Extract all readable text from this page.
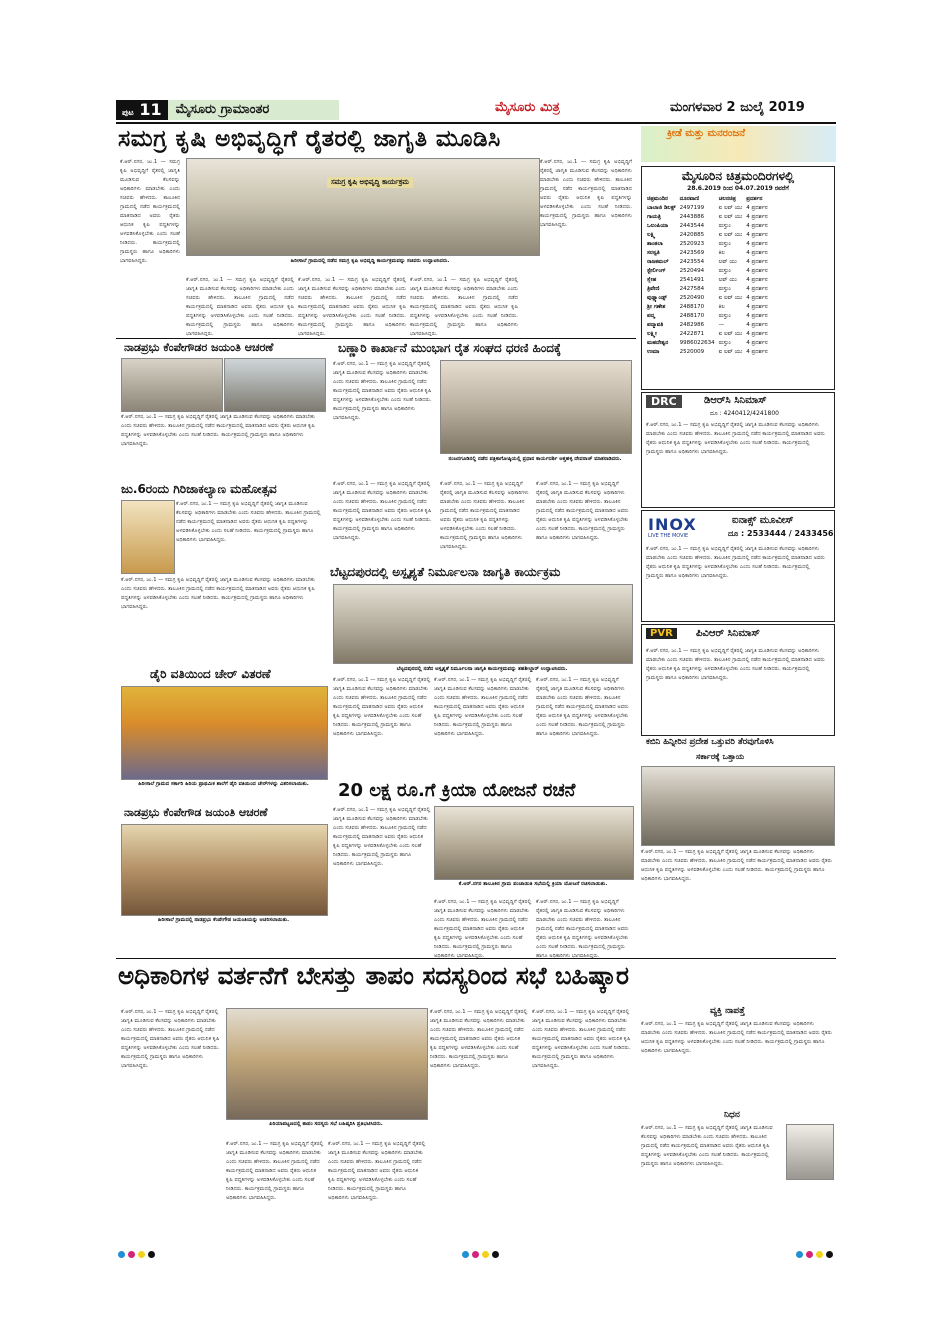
ಪುಟ 11	ಮೈಸೂರು ಗ್ರಾಮಾಂತರ	ಮೈಸೂರು ಮಿತ್ರ	ಮಂಗಳವಾರ 2 ಜುಲೈ 2019
ಸಮಗ್ರ ಕೃಷಿ ಅಭಿವೃದ್ಧಿಗೆ ರೈತರಲ್ಲಿ ಜಾಗೃತಿ ಮೂಡಿಸಿ
ಕೆ.ಆರ್.ನಗರ, ಜು.1 — ಸಮಗ್ರ ಕೃಷಿ ಅಭಿವೃದ್ಧಿಗೆ ರೈತರಲ್ಲಿ ಜಾಗೃತಿ ಮೂಡಿಸುವ ಕೆಲಸವನ್ನು ಅಧಿಕಾರಿಗಳು ಮಾಡಬೇಕು ಎಂದು ಸಚಿವರು ಹೇಳಿದರು. ತಾಲೂಕಿನ ಗ್ರಾಮದಲ್ಲಿ ನಡೆದ ಕಾರ್ಯಕ್ರಮದಲ್ಲಿ ಮಾತನಾಡಿದ ಅವರು ರೈತರು ಆಧುನಿಕ ಕೃಷಿ ಪದ್ಧತಿಗಳನ್ನು ಅಳವಡಿಸಿಕೊಳ್ಳಬೇಕು ಎಂದು ಸಲಹೆ ನೀಡಿದರು. ಕಾರ್ಯಕ್ರಮದಲ್ಲಿ ಗ್ರಾಮಸ್ಥರು ಹಾಗೂ ಅಧಿಕಾರಿಗಳು ಭಾಗವಹಿಸಿದ್ದರು.
ಸಮಗ್ರ ಕೃಷಿ ಅಭಿವೃದ್ಧಿ ಕಾರ್ಯಕ್ರಮ
ಹಿರೀಸಾಲೆ ಗ್ರಾಮದಲ್ಲಿ ನಡೆದ ಸಮಗ್ರ ಕೃಷಿ ಅಭಿವೃದ್ಧಿ ಕಾರ್ಯಕ್ರಮವನ್ನು ಸಚಿವರು ಉದ್ಘಾಟಿಸಿದರು.
ಕೆ.ಆರ್.ನಗರ, ಜು.1 — ಸಮಗ್ರ ಕೃಷಿ ಅಭಿವೃದ್ಧಿಗೆ ರೈತರಲ್ಲಿ ಜಾಗೃತಿ ಮೂಡಿಸುವ ಕೆಲಸವನ್ನು ಅಧಿಕಾರಿಗಳು ಮಾಡಬೇಕು ಎಂದು ಸಚಿವರು ಹೇಳಿದರು. ತಾಲೂಕಿನ ಗ್ರಾಮದಲ್ಲಿ ನಡೆದ ಕಾರ್ಯಕ್ರಮದಲ್ಲಿ ಮಾತನಾಡಿದ ಅವರು ರೈತರು ಆಧುನಿಕ ಕೃಷಿ ಪದ್ಧತಿಗಳನ್ನು ಅಳವಡಿಸಿಕೊಳ್ಳಬೇಕು ಎಂದು ಸಲಹೆ ನೀಡಿದರು. ಕಾರ್ಯಕ್ರಮದಲ್ಲಿ ಗ್ರಾಮಸ್ಥರು ಹಾಗೂ ಅಧಿಕಾರಿಗಳು ಭಾಗವಹಿಸಿದ್ದರು.
ಕೆ.ಆರ್.ನಗರ, ಜು.1 — ಸಮಗ್ರ ಕೃಷಿ ಅಭಿವೃದ್ಧಿಗೆ ರೈತರಲ್ಲಿ ಜಾಗೃತಿ ಮೂಡಿಸುವ ಕೆಲಸವನ್ನು ಅಧಿಕಾರಿಗಳು ಮಾಡಬೇಕು ಎಂದು ಸಚಿವರು ಹೇಳಿದರು. ತಾಲೂಕಿನ ಗ್ರಾಮದಲ್ಲಿ ನಡೆದ ಕಾರ್ಯಕ್ರಮದಲ್ಲಿ ಮಾತನಾಡಿದ ಅವರು ರೈತರು ಆಧುನಿಕ ಕೃಷಿ ಪದ್ಧತಿಗಳನ್ನು ಅಳವಡಿಸಿಕೊಳ್ಳಬೇಕು ಎಂದು ಸಲಹೆ ನೀಡಿದರು. ಕಾರ್ಯಕ್ರಮದಲ್ಲಿ ಗ್ರಾಮಸ್ಥರು ಹಾಗೂ ಅಧಿಕಾರಿಗಳು ಭಾಗವಹಿಸಿದ್ದರು.
ಕೆ.ಆರ್.ನಗರ, ಜು.1 — ಸಮಗ್ರ ಕೃಷಿ ಅಭಿವೃದ್ಧಿಗೆ ರೈತರಲ್ಲಿ ಜಾಗೃತಿ ಮೂಡಿಸುವ ಕೆಲಸವನ್ನು ಅಧಿಕಾರಿಗಳು ಮಾಡಬೇಕು ಎಂದು ಸಚಿವರು ಹೇಳಿದರು. ತಾಲೂಕಿನ ಗ್ರಾಮದಲ್ಲಿ ನಡೆದ ಕಾರ್ಯಕ್ರಮದಲ್ಲಿ ಮಾತನಾಡಿದ ಅವರು ರೈತರು ಆಧುನಿಕ ಕೃಷಿ ಪದ್ಧತಿಗಳನ್ನು ಅಳವಡಿಸಿಕೊಳ್ಳಬೇಕು ಎಂದು ಸಲಹೆ ನೀಡಿದರು. ಕಾರ್ಯಕ್ರಮದಲ್ಲಿ ಗ್ರಾಮಸ್ಥರು ಹಾಗೂ ಅಧಿಕಾರಿಗಳು ಭಾಗವಹಿಸಿದ್ದರು.
ಕೆ.ಆರ್.ನಗರ, ಜು.1 — ಸಮಗ್ರ ಕೃಷಿ ಅಭಿವೃದ್ಧಿಗೆ ರೈತರಲ್ಲಿ ಜಾಗೃತಿ ಮೂಡಿಸುವ ಕೆಲಸವನ್ನು ಅಧಿಕಾರಿಗಳು ಮಾಡಬೇಕು ಎಂದು ಸಚಿವರು ಹೇಳಿದರು. ತಾಲೂಕಿನ ಗ್ರಾಮದಲ್ಲಿ ನಡೆದ ಕಾರ್ಯಕ್ರಮದಲ್ಲಿ ಮಾತನಾಡಿದ ಅವರು ರೈತರು ಆಧುನಿಕ ಕೃಷಿ ಪದ್ಧತಿಗಳನ್ನು ಅಳವಡಿಸಿಕೊಳ್ಳಬೇಕು ಎಂದು ಸಲಹೆ ನೀಡಿದರು. ಕಾರ್ಯಕ್ರಮದಲ್ಲಿ ಗ್ರಾಮಸ್ಥರು ಹಾಗೂ ಅಧಿಕಾರಿಗಳು ಭಾಗವಹಿಸಿದ್ದರು.
ಕ್ರೀಡೆ ಮತ್ತು ಮನರಂಜನೆ
ಮೈಸೂರಿನ ಚಿತ್ರಮಂದಿರಗಳಲ್ಲಿ
28.6.2019 ರಿಂದ 04.07.2019 ರವರೆಗೆ
ಚಿತ್ರಮಂದಿರ	ದೂರವಾಣಿ	ಚಲನಚಿತ್ರ	ಪ್ರದರ್ಶನ
ಬಾಲಾಜಿ ಡಿಲಕ್ಸ್	2497199	ಐ ಲವ್ ಯು	4 ಪ್ರದರ್ಶನ
ಗಾಯತ್ರಿ	2443886	ಐ ಲವ್ ಯು	4 ಪ್ರದರ್ಶನ
ಒಲಂಪಿಯಾ	2443544	ರುಸ್ತುಂ	4 ಪ್ರದರ್ಶನ
ಲಕ್ಷ್ಮಿ	2420885	ಐ ಲವ್ ಯು	4 ಪ್ರದರ್ಶನ
ಶಾಂತಲಾ	2520923	ರುಸ್ತುಂ	4 ಪ್ರದರ್ಶನ
ಸರಸ್ವತಿ	2423569	ಕಿಲ	4 ಪ್ರದರ್ಶನ
ರಾಜಕಮಲ್	2423554	ಲವ್ ಯು	4 ಪ್ರದರ್ಶನ
ಸ್ಟೇರ್ಲಿಂಗ್	2520494	ರುಸ್ತುಂ	4 ಪ್ರದರ್ಶನ
ಸ್ನೇಹ	2541491	ಲವ್ ಯು	4 ಪ್ರದರ್ಶನ
ತ್ರಿವೇಣಿ	2427584	ರುಸ್ತುಂ	4 ಪ್ರದರ್ಶನ
ವುಡ್ಲ್ಯಾಂಡ್ಸ್	2520490	ಐ ಲವ್ ಯು	4 ಪ್ರದರ್ಶನ
ಶ್ರೀ ಗಣೇಶ	2488170	ಕಿಲ	4 ಪ್ರದರ್ಶನ
ಪದ್ಮ	2488170	ರುಸ್ತುಂ	4 ಪ್ರದರ್ಶನ
ಪದ್ಮಾವತಿ	2482986	—	4 ಪ್ರದರ್ಶನ
ಲಕ್ಷ್ಮೀ	2422871	ಐ ಲವ್ ಯು	4 ಪ್ರದರ್ಶನ
ಮಹದೇಶ್ವರ	9986022634	ರುಸ್ತುಂ	4 ಪ್ರದರ್ಶನ
ಉಮಾ	2520009	ಐ ಲವ್ ಯು	4 ಪ್ರದರ್ಶನ
DRC	ಡಿಆರ್‌ಸಿ ಸಿನಿಮಾಸ್
ದೂ : 4240412/4241800
ಕೆ.ಆರ್.ನಗರ, ಜು.1 — ಸಮಗ್ರ ಕೃಷಿ ಅಭಿವೃದ್ಧಿಗೆ ರೈತರಲ್ಲಿ ಜಾಗೃತಿ ಮೂಡಿಸುವ ಕೆಲಸವನ್ನು ಅಧಿಕಾರಿಗಳು ಮಾಡಬೇಕು ಎಂದು ಸಚಿವರು ಹೇಳಿದರು. ತಾಲೂಕಿನ ಗ್ರಾಮದಲ್ಲಿ ನಡೆದ ಕಾರ್ಯಕ್ರಮದಲ್ಲಿ ಮಾತನಾಡಿದ ಅವರು ರೈತರು ಆಧುನಿಕ ಕೃಷಿ ಪದ್ಧತಿಗಳನ್ನು ಅಳವಡಿಸಿಕೊಳ್ಳಬೇಕು ಎಂದು ಸಲಹೆ ನೀಡಿದರು. ಕಾರ್ಯಕ್ರಮದಲ್ಲಿ ಗ್ರಾಮಸ್ಥರು ಹಾಗೂ ಅಧಿಕಾರಿಗಳು ಭಾಗವಹಿಸಿದ್ದರು.
INOX
LIVE THE MOVIE
ಐನಾಕ್ಸ್ ಮೂವೀಸ್
ದೂ : 2533444 / 2433456
ಕೆ.ಆರ್.ನಗರ, ಜು.1 — ಸಮಗ್ರ ಕೃಷಿ ಅಭಿವೃದ್ಧಿಗೆ ರೈತರಲ್ಲಿ ಜಾಗೃತಿ ಮೂಡಿಸುವ ಕೆಲಸವನ್ನು ಅಧಿಕಾರಿಗಳು ಮಾಡಬೇಕು ಎಂದು ಸಚಿವರು ಹೇಳಿದರು. ತಾಲೂಕಿನ ಗ್ರಾಮದಲ್ಲಿ ನಡೆದ ಕಾರ್ಯಕ್ರಮದಲ್ಲಿ ಮಾತನಾಡಿದ ಅವರು ರೈತರು ಆಧುನಿಕ ಕೃಷಿ ಪದ್ಧತಿಗಳನ್ನು ಅಳವಡಿಸಿಕೊಳ್ಳಬೇಕು ಎಂದು ಸಲಹೆ ನೀಡಿದರು. ಕಾರ್ಯಕ್ರಮದಲ್ಲಿ ಗ್ರಾಮಸ್ಥರು ಹಾಗೂ ಅಧಿಕಾರಿಗಳು ಭಾಗವಹಿಸಿದ್ದರು.
PVR	ಪಿವಿಆರ್ ಸಿನಿಮಾಸ್
ಕೆ.ಆರ್.ನಗರ, ಜು.1 — ಸಮಗ್ರ ಕೃಷಿ ಅಭಿವೃದ್ಧಿಗೆ ರೈತರಲ್ಲಿ ಜಾಗೃತಿ ಮೂಡಿಸುವ ಕೆಲಸವನ್ನು ಅಧಿಕಾರಿಗಳು ಮಾಡಬೇಕು ಎಂದು ಸಚಿವರು ಹೇಳಿದರು. ತಾಲೂಕಿನ ಗ್ರಾಮದಲ್ಲಿ ನಡೆದ ಕಾರ್ಯಕ್ರಮದಲ್ಲಿ ಮಾತನಾಡಿದ ಅವರು ರೈತರು ಆಧುನಿಕ ಕೃಷಿ ಪದ್ಧತಿಗಳನ್ನು ಅಳವಡಿಸಿಕೊಳ್ಳಬೇಕು ಎಂದು ಸಲಹೆ ನೀಡಿದರು. ಕಾರ್ಯಕ್ರಮದಲ್ಲಿ ಗ್ರಾಮಸ್ಥರು ಹಾಗೂ ಅಧಿಕಾರಿಗಳು ಭಾಗವಹಿಸಿದ್ದರು.
ನಾಡಪ್ರಭು ಕೆಂಪೇಗೌಡರ ಜಯಂತಿ ಆಚರಣೆ
ಕೆ.ಆರ್.ನಗರ, ಜು.1 — ಸಮಗ್ರ ಕೃಷಿ ಅಭಿವೃದ್ಧಿಗೆ ರೈತರಲ್ಲಿ ಜಾಗೃತಿ ಮೂಡಿಸುವ ಕೆಲಸವನ್ನು ಅಧಿಕಾರಿಗಳು ಮಾಡಬೇಕು ಎಂದು ಸಚಿವರು ಹೇಳಿದರು. ತಾಲೂಕಿನ ಗ್ರಾಮದಲ್ಲಿ ನಡೆದ ಕಾರ್ಯಕ್ರಮದಲ್ಲಿ ಮಾತನಾಡಿದ ಅವರು ರೈತರು ಆಧುನಿಕ ಕೃಷಿ ಪದ್ಧತಿಗಳನ್ನು ಅಳವಡಿಸಿಕೊಳ್ಳಬೇಕು ಎಂದು ಸಲಹೆ ನೀಡಿದರು. ಕಾರ್ಯಕ್ರಮದಲ್ಲಿ ಗ್ರಾಮಸ್ಥರು ಹಾಗೂ ಅಧಿಕಾರಿಗಳು ಭಾಗವಹಿಸಿದ್ದರು.
ಬಣ್ಣಾರಿ ಕಾರ್ಖಾನೆ ಮುಂಭಾಗ ರೈತ ಸಂಘದ ಧರಣಿ ಹಿಂದಕ್ಕೆ
ಕೆ.ಆರ್.ನಗರ, ಜು.1 — ಸಮಗ್ರ ಕೃಷಿ ಅಭಿವೃದ್ಧಿಗೆ ರೈತರಲ್ಲಿ ಜಾಗೃತಿ ಮೂಡಿಸುವ ಕೆಲಸವನ್ನು ಅಧಿಕಾರಿಗಳು ಮಾಡಬೇಕು ಎಂದು ಸಚಿವರು ಹೇಳಿದರು. ತಾಲೂಕಿನ ಗ್ರಾಮದಲ್ಲಿ ನಡೆದ ಕಾರ್ಯಕ್ರಮದಲ್ಲಿ ಮಾತನಾಡಿದ ಅವರು ರೈತರು ಆಧುನಿಕ ಕೃಷಿ ಪದ್ಧತಿಗಳನ್ನು ಅಳವಡಿಸಿಕೊಳ್ಳಬೇಕು ಎಂದು ಸಲಹೆ ನೀಡಿದರು. ಕಾರ್ಯಕ್ರಮದಲ್ಲಿ ಗ್ರಾಮಸ್ಥರು ಹಾಗೂ ಅಧಿಕಾರಿಗಳು ಭಾಗವಹಿಸಿದ್ದರು.
ನಂಜನಗೂಡಿನಲ್ಲಿ ನಡೆದ ಪತ್ರಿಕಾಗೋಷ್ಠಿಯಲ್ಲಿ ಪ್ರಧಾನ ಕಾರ್ಯದರ್ಶಿ ಅತ್ತಹಳ್ಳಿ ದೇವರಾಜ್ ಮಾತನಾಡಿದರು.
ಕೆ.ಆರ್.ನಗರ, ಜು.1 — ಸಮಗ್ರ ಕೃಷಿ ಅಭಿವೃದ್ಧಿಗೆ ರೈತರಲ್ಲಿ ಜಾಗೃತಿ ಮೂಡಿಸುವ ಕೆಲಸವನ್ನು ಅಧಿಕಾರಿಗಳು ಮಾಡಬೇಕು ಎಂದು ಸಚಿವರು ಹೇಳಿದರು. ತಾಲೂಕಿನ ಗ್ರಾಮದಲ್ಲಿ ನಡೆದ ಕಾರ್ಯಕ್ರಮದಲ್ಲಿ ಮಾತನಾಡಿದ ಅವರು ರೈತರು ಆಧುನಿಕ ಕೃಷಿ ಪದ್ಧತಿಗಳನ್ನು ಅಳವಡಿಸಿಕೊಳ್ಳಬೇಕು ಎಂದು ಸಲಹೆ ನೀಡಿದರು. ಕಾರ್ಯಕ್ರಮದಲ್ಲಿ ಗ್ರಾಮಸ್ಥರು ಹಾಗೂ ಅಧಿಕಾರಿಗಳು ಭಾಗವಹಿಸಿದ್ದರು.
ಕೆ.ಆರ್.ನಗರ, ಜು.1 — ಸಮಗ್ರ ಕೃಷಿ ಅಭಿವೃದ್ಧಿಗೆ ರೈತರಲ್ಲಿ ಜಾಗೃತಿ ಮೂಡಿಸುವ ಕೆಲಸವನ್ನು ಅಧಿಕಾರಿಗಳು ಮಾಡಬೇಕು ಎಂದು ಸಚಿವರು ಹೇಳಿದರು. ತಾಲೂಕಿನ ಗ್ರಾಮದಲ್ಲಿ ನಡೆದ ಕಾರ್ಯಕ್ರಮದಲ್ಲಿ ಮಾತನಾಡಿದ ಅವರು ರೈತರು ಆಧುನಿಕ ಕೃಷಿ ಪದ್ಧತಿಗಳನ್ನು ಅಳವಡಿಸಿಕೊಳ್ಳಬೇಕು ಎಂದು ಸಲಹೆ ನೀಡಿದರು. ಕಾರ್ಯಕ್ರಮದಲ್ಲಿ ಗ್ರಾಮಸ್ಥರು ಹಾಗೂ ಅಧಿಕಾರಿಗಳು ಭಾಗವಹಿಸಿದ್ದರು.
ಕೆ.ಆರ್.ನಗರ, ಜು.1 — ಸಮಗ್ರ ಕೃಷಿ ಅಭಿವೃದ್ಧಿಗೆ ರೈತರಲ್ಲಿ ಜಾಗೃತಿ ಮೂಡಿಸುವ ಕೆಲಸವನ್ನು ಅಧಿಕಾರಿಗಳು ಮಾಡಬೇಕು ಎಂದು ಸಚಿವರು ಹೇಳಿದರು. ತಾಲೂಕಿನ ಗ್ರಾಮದಲ್ಲಿ ನಡೆದ ಕಾರ್ಯಕ್ರಮದಲ್ಲಿ ಮಾತನಾಡಿದ ಅವರು ರೈತರು ಆಧುನಿಕ ಕೃಷಿ ಪದ್ಧತಿಗಳನ್ನು ಅಳವಡಿಸಿಕೊಳ್ಳಬೇಕು ಎಂದು ಸಲಹೆ ನೀಡಿದರು. ಕಾರ್ಯಕ್ರಮದಲ್ಲಿ ಗ್ರಾಮಸ್ಥರು ಹಾಗೂ ಅಧಿಕಾರಿಗಳು ಭಾಗವಹಿಸಿದ್ದರು.
ಜು.6ರಂದು ಗಿರಿಜಾಕಲ್ಯಾಣ ಮಹೋತ್ಸವ
ಕೆ.ಆರ್.ನಗರ, ಜು.1 — ಸಮಗ್ರ ಕೃಷಿ ಅಭಿವೃದ್ಧಿಗೆ ರೈತರಲ್ಲಿ ಜಾಗೃತಿ ಮೂಡಿಸುವ ಕೆಲಸವನ್ನು ಅಧಿಕಾರಿಗಳು ಮಾಡಬೇಕು ಎಂದು ಸಚಿವರು ಹೇಳಿದರು. ತಾಲೂಕಿನ ಗ್ರಾಮದಲ್ಲಿ ನಡೆದ ಕಾರ್ಯಕ್ರಮದಲ್ಲಿ ಮಾತನಾಡಿದ ಅವರು ರೈತರು ಆಧುನಿಕ ಕೃಷಿ ಪದ್ಧತಿಗಳನ್ನು ಅಳವಡಿಸಿಕೊಳ್ಳಬೇಕು ಎಂದು ಸಲಹೆ ನೀಡಿದರು. ಕಾರ್ಯಕ್ರಮದಲ್ಲಿ ಗ್ರಾಮಸ್ಥರು ಹಾಗೂ ಅಧಿಕಾರಿಗಳು ಭಾಗವಹಿಸಿದ್ದರು.
ಕೆ.ಆರ್.ನಗರ, ಜು.1 — ಸಮಗ್ರ ಕೃಷಿ ಅಭಿವೃದ್ಧಿಗೆ ರೈತರಲ್ಲಿ ಜಾಗೃತಿ ಮೂಡಿಸುವ ಕೆಲಸವನ್ನು ಅಧಿಕಾರಿಗಳು ಮಾಡಬೇಕು ಎಂದು ಸಚಿವರು ಹೇಳಿದರು. ತಾಲೂಕಿನ ಗ್ರಾಮದಲ್ಲಿ ನಡೆದ ಕಾರ್ಯಕ್ರಮದಲ್ಲಿ ಮಾತನಾಡಿದ ಅವರು ರೈತರು ಆಧುನಿಕ ಕೃಷಿ ಪದ್ಧತಿಗಳನ್ನು ಅಳವಡಿಸಿಕೊಳ್ಳಬೇಕು ಎಂದು ಸಲಹೆ ನೀಡಿದರು. ಕಾರ್ಯಕ್ರಮದಲ್ಲಿ ಗ್ರಾಮಸ್ಥರು ಹಾಗೂ ಅಧಿಕಾರಿಗಳು ಭಾಗವಹಿಸಿದ್ದರು.
ಬೆಟ್ಟದಪುರದಲ್ಲಿ ಅಸ್ಪೃಶ್ಯತೆ ನಿರ್ಮೂಲನಾ ಜಾಗೃತಿ ಕಾರ್ಯಕ್ರಮ
ಬೆಟ್ಟದಪುರದಲ್ಲಿ ನಡೆದ ಅಸ್ಪೃಶ್ಯತೆ ನಿರ್ಮೂಲನಾ ಜಾಗೃತಿ ಕಾರ್ಯಕ್ರಮವನ್ನು ತಹಶೀಲ್ದಾರ್ ಉದ್ಘಾಟಿಸಿದರು.
ಕೆ.ಆರ್.ನಗರ, ಜು.1 — ಸಮಗ್ರ ಕೃಷಿ ಅಭಿವೃದ್ಧಿಗೆ ರೈತರಲ್ಲಿ ಜಾಗೃತಿ ಮೂಡಿಸುವ ಕೆಲಸವನ್ನು ಅಧಿಕಾರಿಗಳು ಮಾಡಬೇಕು ಎಂದು ಸಚಿವರು ಹೇಳಿದರು. ತಾಲೂಕಿನ ಗ್ರಾಮದಲ್ಲಿ ನಡೆದ ಕಾರ್ಯಕ್ರಮದಲ್ಲಿ ಮಾತನಾಡಿದ ಅವರು ರೈತರು ಆಧುನಿಕ ಕೃಷಿ ಪದ್ಧತಿಗಳನ್ನು ಅಳವಡಿಸಿಕೊಳ್ಳಬೇಕು ಎಂದು ಸಲಹೆ ನೀಡಿದರು. ಕಾರ್ಯಕ್ರಮದಲ್ಲಿ ಗ್ರಾಮಸ್ಥರು ಹಾಗೂ ಅಧಿಕಾರಿಗಳು ಭಾಗವಹಿಸಿದ್ದರು.
ಕೆ.ಆರ್.ನಗರ, ಜು.1 — ಸಮಗ್ರ ಕೃಷಿ ಅಭಿವೃದ್ಧಿಗೆ ರೈತರಲ್ಲಿ ಜಾಗೃತಿ ಮೂಡಿಸುವ ಕೆಲಸವನ್ನು ಅಧಿಕಾರಿಗಳು ಮಾಡಬೇಕು ಎಂದು ಸಚಿವರು ಹೇಳಿದರು. ತಾಲೂಕಿನ ಗ್ರಾಮದಲ್ಲಿ ನಡೆದ ಕಾರ್ಯಕ್ರಮದಲ್ಲಿ ಮಾತನಾಡಿದ ಅವರು ರೈತರು ಆಧುನಿಕ ಕೃಷಿ ಪದ್ಧತಿಗಳನ್ನು ಅಳವಡಿಸಿಕೊಳ್ಳಬೇಕು ಎಂದು ಸಲಹೆ ನೀಡಿದರು. ಕಾರ್ಯಕ್ರಮದಲ್ಲಿ ಗ್ರಾಮಸ್ಥರು ಹಾಗೂ ಅಧಿಕಾರಿಗಳು ಭಾಗವಹಿಸಿದ್ದರು.
ಕೆ.ಆರ್.ನಗರ, ಜು.1 — ಸಮಗ್ರ ಕೃಷಿ ಅಭಿವೃದ್ಧಿಗೆ ರೈತರಲ್ಲಿ ಜಾಗೃತಿ ಮೂಡಿಸುವ ಕೆಲಸವನ್ನು ಅಧಿಕಾರಿಗಳು ಮಾಡಬೇಕು ಎಂದು ಸಚಿವರು ಹೇಳಿದರು. ತಾಲೂಕಿನ ಗ್ರಾಮದಲ್ಲಿ ನಡೆದ ಕಾರ್ಯಕ್ರಮದಲ್ಲಿ ಮಾತನಾಡಿದ ಅವರು ರೈತರು ಆಧುನಿಕ ಕೃಷಿ ಪದ್ಧತಿಗಳನ್ನು ಅಳವಡಿಸಿಕೊಳ್ಳಬೇಕು ಎಂದು ಸಲಹೆ ನೀಡಿದರು. ಕಾರ್ಯಕ್ರಮದಲ್ಲಿ ಗ್ರಾಮಸ್ಥರು ಹಾಗೂ ಅಧಿಕಾರಿಗಳು ಭಾಗವಹಿಸಿದ್ದರು.
ಡೈರಿ ವತಿಯಿಂದ ಚೇರ್ ವಿತರಣೆ
ಹಿರೀಸಾಲೆ ಗ್ರಾಮದ ಸರ್ಕಾರಿ ಹಿರಿಯ ಪ್ರಾಥಮಿಕ ಶಾಲೆಗೆ ಡೈರಿ ವತಿಯಿಂದ ಚೇರ್‌ಗಳನ್ನು ವಿತರಿಸಲಾಯಿತು.
ಕಬಿನಿ ಹಿನ್ನೀರಿನ ಪ್ರದೇಶ ಒತ್ತುವರಿ ತೆರವುಗೊಳಿಸಿ
ಸರ್ಕಾರಕ್ಕೆ ಒತ್ತಾಯ
ಕೆ.ಆರ್.ನಗರ, ಜು.1 — ಸಮಗ್ರ ಕೃಷಿ ಅಭಿವೃದ್ಧಿಗೆ ರೈತರಲ್ಲಿ ಜಾಗೃತಿ ಮೂಡಿಸುವ ಕೆಲಸವನ್ನು ಅಧಿಕಾರಿಗಳು ಮಾಡಬೇಕು ಎಂದು ಸಚಿವರು ಹೇಳಿದರು. ತಾಲೂಕಿನ ಗ್ರಾಮದಲ್ಲಿ ನಡೆದ ಕಾರ್ಯಕ್ರಮದಲ್ಲಿ ಮಾತನಾಡಿದ ಅವರು ರೈತರು ಆಧುನಿಕ ಕೃಷಿ ಪದ್ಧತಿಗಳನ್ನು ಅಳವಡಿಸಿಕೊಳ್ಳಬೇಕು ಎಂದು ಸಲಹೆ ನೀಡಿದರು. ಕಾರ್ಯಕ್ರಮದಲ್ಲಿ ಗ್ರಾಮಸ್ಥರು ಹಾಗೂ ಅಧಿಕಾರಿಗಳು ಭಾಗವಹಿಸಿದ್ದರು.
20 ಲಕ್ಷ ರೂ.ಗೆ ಕ್ರಿಯಾ ಯೋಜನೆ ರಚನೆ
ಕೆ.ಆರ್.ನಗರ, ಜು.1 — ಸಮಗ್ರ ಕೃಷಿ ಅಭಿವೃದ್ಧಿಗೆ ರೈತರಲ್ಲಿ ಜಾಗೃತಿ ಮೂಡಿಸುವ ಕೆಲಸವನ್ನು ಅಧಿಕಾರಿಗಳು ಮಾಡಬೇಕು ಎಂದು ಸಚಿವರು ಹೇಳಿದರು. ತಾಲೂಕಿನ ಗ್ರಾಮದಲ್ಲಿ ನಡೆದ ಕಾರ್ಯಕ್ರಮದಲ್ಲಿ ಮಾತನಾಡಿದ ಅವರು ರೈತರು ಆಧುನಿಕ ಕೃಷಿ ಪದ್ಧತಿಗಳನ್ನು ಅಳವಡಿಸಿಕೊಳ್ಳಬೇಕು ಎಂದು ಸಲಹೆ ನೀಡಿದರು. ಕಾರ್ಯಕ್ರಮದಲ್ಲಿ ಗ್ರಾಮಸ್ಥರು ಹಾಗೂ ಅಧಿಕಾರಿಗಳು ಭಾಗವಹಿಸಿದ್ದರು.
ಕೆ.ಆರ್.ನಗರ ತಾಲೂಕಿನ ಗ್ರಾಮ ಪಂಚಾಯಿತಿ ಸಭೆಯಲ್ಲಿ ಕ್ರಿಯಾ ಯೋಜನೆ ರಚಿಸಲಾಯಿತು.
ಕೆ.ಆರ್.ನಗರ, ಜು.1 — ಸಮಗ್ರ ಕೃಷಿ ಅಭಿವೃದ್ಧಿಗೆ ರೈತರಲ್ಲಿ ಜಾಗೃತಿ ಮೂಡಿಸುವ ಕೆಲಸವನ್ನು ಅಧಿಕಾರಿಗಳು ಮಾಡಬೇಕು ಎಂದು ಸಚಿವರು ಹೇಳಿದರು. ತಾಲೂಕಿನ ಗ್ರಾಮದಲ್ಲಿ ನಡೆದ ಕಾರ್ಯಕ್ರಮದಲ್ಲಿ ಮಾತನಾಡಿದ ಅವರು ರೈತರು ಆಧುನಿಕ ಕೃಷಿ ಪದ್ಧತಿಗಳನ್ನು ಅಳವಡಿಸಿಕೊಳ್ಳಬೇಕು ಎಂದು ಸಲಹೆ ನೀಡಿದರು. ಕಾರ್ಯಕ್ರಮದಲ್ಲಿ ಗ್ರಾಮಸ್ಥರು ಹಾಗೂ ಅಧಿಕಾರಿಗಳು ಭಾಗವಹಿಸಿದ್ದರು.
ಕೆ.ಆರ್.ನಗರ, ಜು.1 — ಸಮಗ್ರ ಕೃಷಿ ಅಭಿವೃದ್ಧಿಗೆ ರೈತರಲ್ಲಿ ಜಾಗೃತಿ ಮೂಡಿಸುವ ಕೆಲಸವನ್ನು ಅಧಿಕಾರಿಗಳು ಮಾಡಬೇಕು ಎಂದು ಸಚಿವರು ಹೇಳಿದರು. ತಾಲೂಕಿನ ಗ್ರಾಮದಲ್ಲಿ ನಡೆದ ಕಾರ್ಯಕ್ರಮದಲ್ಲಿ ಮಾತನಾಡಿದ ಅವರು ರೈತರು ಆಧುನಿಕ ಕೃಷಿ ಪದ್ಧತಿಗಳನ್ನು ಅಳವಡಿಸಿಕೊಳ್ಳಬೇಕು ಎಂದು ಸಲಹೆ ನೀಡಿದರು. ಕಾರ್ಯಕ್ರಮದಲ್ಲಿ ಗ್ರಾಮಸ್ಥರು ಹಾಗೂ ಅಧಿಕಾರಿಗಳು ಭಾಗವಹಿಸಿದ್ದರು.
ನಾಡಪ್ರಭು ಕೆಂಪೇಗೌಡ ಜಯಂತಿ ಆಚರಣೆ
ಹಿರೀಸಾಲೆ ಗ್ರಾಮದಲ್ಲಿ ನಾಡಪ್ರಭು ಕೆಂಪೇಗೌಡ ಜಯಂತಿಯನ್ನು ಆಚರಿಸಲಾಯಿತು.
ಅಧಿಕಾರಿಗಳ ವರ್ತನೆಗೆ ಬೇಸತ್ತು ತಾಪಂ ಸದಸ್ಯರಿಂದ ಸಭೆ ಬಹಿಷ್ಕಾರ
ಕೆ.ಆರ್.ನಗರ, ಜು.1 — ಸಮಗ್ರ ಕೃಷಿ ಅಭಿವೃದ್ಧಿಗೆ ರೈತರಲ್ಲಿ ಜಾಗೃತಿ ಮೂಡಿಸುವ ಕೆಲಸವನ್ನು ಅಧಿಕಾರಿಗಳು ಮಾಡಬೇಕು ಎಂದು ಸಚಿವರು ಹೇಳಿದರು. ತಾಲೂಕಿನ ಗ್ರಾಮದಲ್ಲಿ ನಡೆದ ಕಾರ್ಯಕ್ರಮದಲ್ಲಿ ಮಾತನಾಡಿದ ಅವರು ರೈತರು ಆಧುನಿಕ ಕೃಷಿ ಪದ್ಧತಿಗಳನ್ನು ಅಳವಡಿಸಿಕೊಳ್ಳಬೇಕು ಎಂದು ಸಲಹೆ ನೀಡಿದರು. ಕಾರ್ಯಕ್ರಮದಲ್ಲಿ ಗ್ರಾಮಸ್ಥರು ಹಾಗೂ ಅಧಿಕಾರಿಗಳು ಭಾಗವಹಿಸಿದ್ದರು.
ಪಿರಿಯಾಪಟ್ಟಣದಲ್ಲಿ ತಾಪಂ ಸದಸ್ಯರು ಸಭೆ ಬಹಿಷ್ಕರಿಸಿ ಪ್ರತಿಭಟಿಸಿದರು.
ಕೆ.ಆರ್.ನಗರ, ಜು.1 — ಸಮಗ್ರ ಕೃಷಿ ಅಭಿವೃದ್ಧಿಗೆ ರೈತರಲ್ಲಿ ಜಾಗೃತಿ ಮೂಡಿಸುವ ಕೆಲಸವನ್ನು ಅಧಿಕಾರಿಗಳು ಮಾಡಬೇಕು ಎಂದು ಸಚಿವರು ಹೇಳಿದರು. ತಾಲೂಕಿನ ಗ್ರಾಮದಲ್ಲಿ ನಡೆದ ಕಾರ್ಯಕ್ರಮದಲ್ಲಿ ಮಾತನಾಡಿದ ಅವರು ರೈತರು ಆಧುನಿಕ ಕೃಷಿ ಪದ್ಧತಿಗಳನ್ನು ಅಳವಡಿಸಿಕೊಳ್ಳಬೇಕು ಎಂದು ಸಲಹೆ ನೀಡಿದರು. ಕಾರ್ಯಕ್ರಮದಲ್ಲಿ ಗ್ರಾಮಸ್ಥರು ಹಾಗೂ ಅಧಿಕಾರಿಗಳು ಭಾಗವಹಿಸಿದ್ದರು.
ಕೆ.ಆರ್.ನಗರ, ಜು.1 — ಸಮಗ್ರ ಕೃಷಿ ಅಭಿವೃದ್ಧಿಗೆ ರೈತರಲ್ಲಿ ಜಾಗೃತಿ ಮೂಡಿಸುವ ಕೆಲಸವನ್ನು ಅಧಿಕಾರಿಗಳು ಮಾಡಬೇಕು ಎಂದು ಸಚಿವರು ಹೇಳಿದರು. ತಾಲೂಕಿನ ಗ್ರಾಮದಲ್ಲಿ ನಡೆದ ಕಾರ್ಯಕ್ರಮದಲ್ಲಿ ಮಾತನಾಡಿದ ಅವರು ರೈತರು ಆಧುನಿಕ ಕೃಷಿ ಪದ್ಧತಿಗಳನ್ನು ಅಳವಡಿಸಿಕೊಳ್ಳಬೇಕು ಎಂದು ಸಲಹೆ ನೀಡಿದರು. ಕಾರ್ಯಕ್ರಮದಲ್ಲಿ ಗ್ರಾಮಸ್ಥರು ಹಾಗೂ ಅಧಿಕಾರಿಗಳು ಭಾಗವಹಿಸಿದ್ದರು.
ಕೆ.ಆರ್.ನಗರ, ಜು.1 — ಸಮಗ್ರ ಕೃಷಿ ಅಭಿವೃದ್ಧಿಗೆ ರೈತರಲ್ಲಿ ಜಾಗೃತಿ ಮೂಡಿಸುವ ಕೆಲಸವನ್ನು ಅಧಿಕಾರಿಗಳು ಮಾಡಬೇಕು ಎಂದು ಸಚಿವರು ಹೇಳಿದರು. ತಾಲೂಕಿನ ಗ್ರಾಮದಲ್ಲಿ ನಡೆದ ಕಾರ್ಯಕ್ರಮದಲ್ಲಿ ಮಾತನಾಡಿದ ಅವರು ರೈತರು ಆಧುನಿಕ ಕೃಷಿ ಪದ್ಧತಿಗಳನ್ನು ಅಳವಡಿಸಿಕೊಳ್ಳಬೇಕು ಎಂದು ಸಲಹೆ ನೀಡಿದರು. ಕಾರ್ಯಕ್ರಮದಲ್ಲಿ ಗ್ರಾಮಸ್ಥರು ಹಾಗೂ ಅಧಿಕಾರಿಗಳು ಭಾಗವಹಿಸಿದ್ದರು.
ಕೆ.ಆರ್.ನಗರ, ಜು.1 — ಸಮಗ್ರ ಕೃಷಿ ಅಭಿವೃದ್ಧಿಗೆ ರೈತರಲ್ಲಿ ಜಾಗೃತಿ ಮೂಡಿಸುವ ಕೆಲಸವನ್ನು ಅಧಿಕಾರಿಗಳು ಮಾಡಬೇಕು ಎಂದು ಸಚಿವರು ಹೇಳಿದರು. ತಾಲೂಕಿನ ಗ್ರಾಮದಲ್ಲಿ ನಡೆದ ಕಾರ್ಯಕ್ರಮದಲ್ಲಿ ಮಾತನಾಡಿದ ಅವರು ರೈತರು ಆಧುನಿಕ ಕೃಷಿ ಪದ್ಧತಿಗಳನ್ನು ಅಳವಡಿಸಿಕೊಳ್ಳಬೇಕು ಎಂದು ಸಲಹೆ ನೀಡಿದರು. ಕಾರ್ಯಕ್ರಮದಲ್ಲಿ ಗ್ರಾಮಸ್ಥರು ಹಾಗೂ ಅಧಿಕಾರಿಗಳು ಭಾಗವಹಿಸಿದ್ದರು.
ವ್ಯಕ್ತಿ ನಾಪತ್ತೆ
ಕೆ.ಆರ್.ನಗರ, ಜು.1 — ಸಮಗ್ರ ಕೃಷಿ ಅಭಿವೃದ್ಧಿಗೆ ರೈತರಲ್ಲಿ ಜಾಗೃತಿ ಮೂಡಿಸುವ ಕೆಲಸವನ್ನು ಅಧಿಕಾರಿಗಳು ಮಾಡಬೇಕು ಎಂದು ಸಚಿವರು ಹೇಳಿದರು. ತಾಲೂಕಿನ ಗ್ರಾಮದಲ್ಲಿ ನಡೆದ ಕಾರ್ಯಕ್ರಮದಲ್ಲಿ ಮಾತನಾಡಿದ ಅವರು ರೈತರು ಆಧುನಿಕ ಕೃಷಿ ಪದ್ಧತಿಗಳನ್ನು ಅಳವಡಿಸಿಕೊಳ್ಳಬೇಕು ಎಂದು ಸಲಹೆ ನೀಡಿದರು. ಕಾರ್ಯಕ್ರಮದಲ್ಲಿ ಗ್ರಾಮಸ್ಥರು ಹಾಗೂ ಅಧಿಕಾರಿಗಳು ಭಾಗವಹಿಸಿದ್ದರು.
ನಿಧನ
ಕೆ.ಆರ್.ನಗರ, ಜು.1 — ಸಮಗ್ರ ಕೃಷಿ ಅಭಿವೃದ್ಧಿಗೆ ರೈತರಲ್ಲಿ ಜಾಗೃತಿ ಮೂಡಿಸುವ ಕೆಲಸವನ್ನು ಅಧಿಕಾರಿಗಳು ಮಾಡಬೇಕು ಎಂದು ಸಚಿವರು ಹೇಳಿದರು. ತಾಲೂಕಿನ ಗ್ರಾಮದಲ್ಲಿ ನಡೆದ ಕಾರ್ಯಕ್ರಮದಲ್ಲಿ ಮಾತನಾಡಿದ ಅವರು ರೈತರು ಆಧುನಿಕ ಕೃಷಿ ಪದ್ಧತಿಗಳನ್ನು ಅಳವಡಿಸಿಕೊಳ್ಳಬೇಕು ಎಂದು ಸಲಹೆ ನೀಡಿದರು. ಕಾರ್ಯಕ್ರಮದಲ್ಲಿ ಗ್ರಾಮಸ್ಥರು ಹಾಗೂ ಅಧಿಕಾರಿಗಳು ಭಾಗವಹಿಸಿದ್ದರು.
